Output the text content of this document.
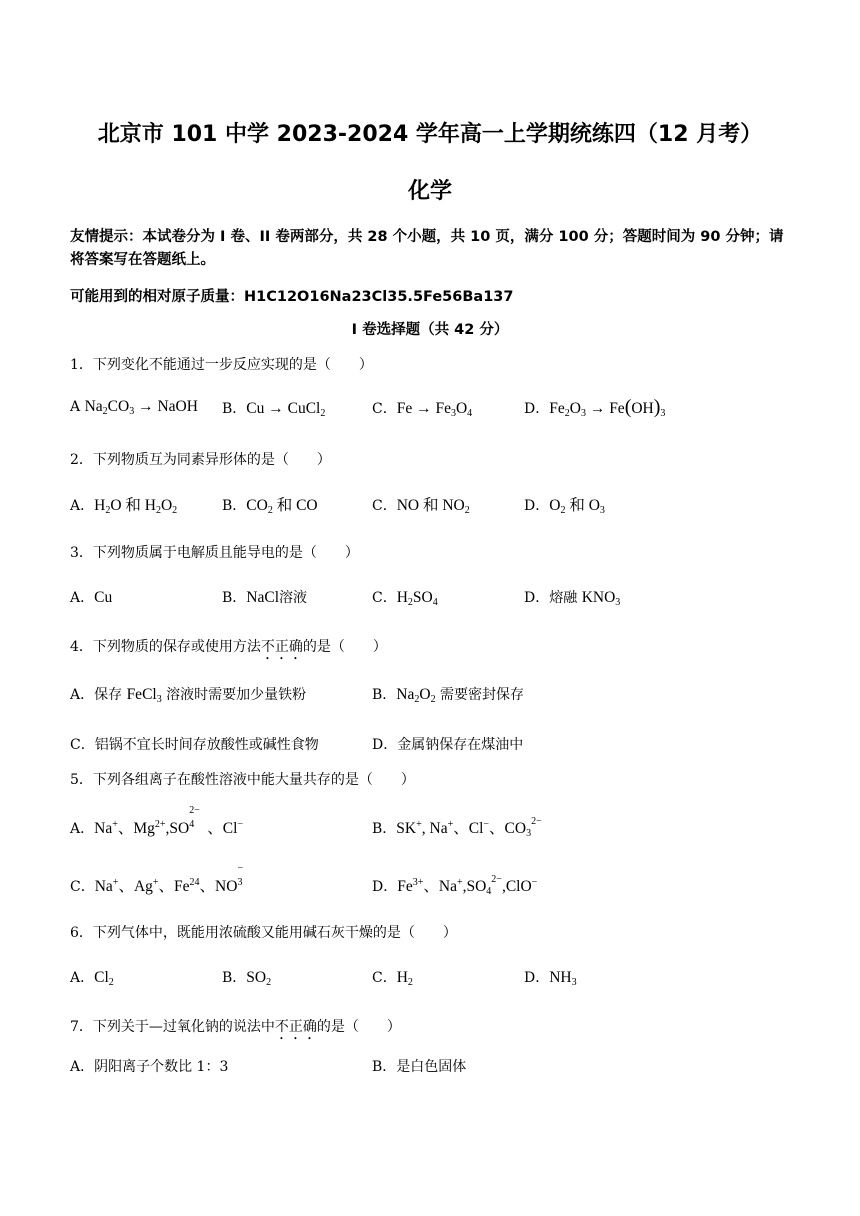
北京市 101 中学 2023-2024 学年高一上学期统练四（12 月考）
化学
友情提示：本试卷分为 I 卷、II 卷两部分，共 28 个小题，共 10 页，满分 100 分；答题时间为 90 分钟；请将答案写在答题纸上。
可能用到的相对原子质量：H1C12O16Na23Cl35.5Fe56Ba137
I 卷选择题（共 42 分）
1．下列变化不能通过一步反应实现的是（　　）
A $Na_2CO_3$ → NaOH B．Cu → CuCl$_2$	C．$Fe \to Fe_3O_4$	D．$Fe_2O_3 \to Fe(OH)_3$
2．下列物质互为同素异形体的是（　　）
A．$H_2O$ 和 $H_2O_2$	B．$CO_2$ 和 CO	C．NO 和 $NO_2$	D．$O_2$ 和 $O_3$
3．下列物质属于电解质且能导电的是（　　）
A．Cu	B．NaCl溶液	C．$H_2SO_4$	D．熔融 $KNO_3$
4．下列物质的保存或使用方法不正确的是（　　）
A．保存 FeCl$_3$ 溶液时需要加少量铁粉	B．$Na_2O_2$ 需要密封保存
C．铝锅不宜长时间存放酸性或碱性食物	D．金属钠保存在煤油中
5．下列各组离子在酸性溶液中能大量共存的是（　　）
A．Na+、$Mg^{2+},SO$
2−
4 、Cl−	B．SK+, Na+、Cl−、$CO_3^{2-}$
C．Na+、Ag+、Fe$^{24}$、NO
−
3
	D．$Fe^{3+}$、$Na^+,SO_4^{2-},ClO^-$
6．下列气体中，既能用浓硫酸又能用碱石灰干燥的是（　　）
A．$Cl_2$	B．$SO_2$	C．$H_2$	D．$NH_3$
7．下列关于—过氧化钠的说法中不正确的是（　　）
A．阴阳离子个数比 1：3	B．是白色固体
